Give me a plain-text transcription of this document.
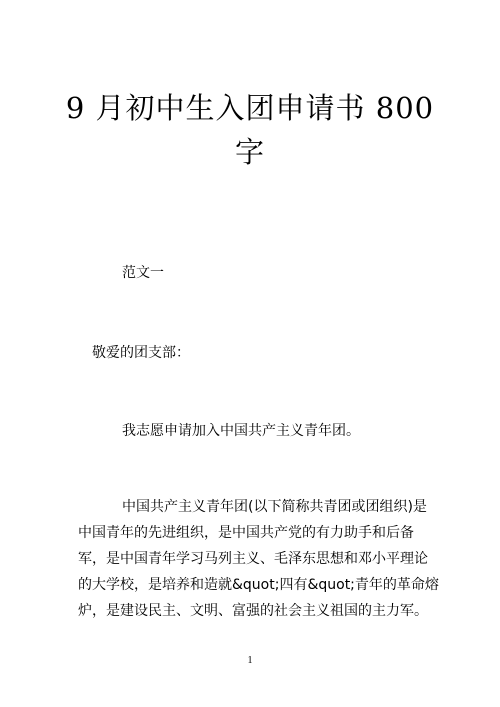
9 月初中生入团申请书 800
字
范文一
敬爱的团支部：
我志愿申请加入中国共产主义青年团。
中国共产主义青年团(以下简称共青团或团组织)是
中国青年的先进组织，是中国共产党的有力助手和后备
军，是中国青年学习马列主义、毛泽东思想和邓小平理论
的大学校，是培养和造就&quot;四有&quot;青年的革命熔
炉，是建设民主、文明、富强的社会主义祖国的主力军。
1
